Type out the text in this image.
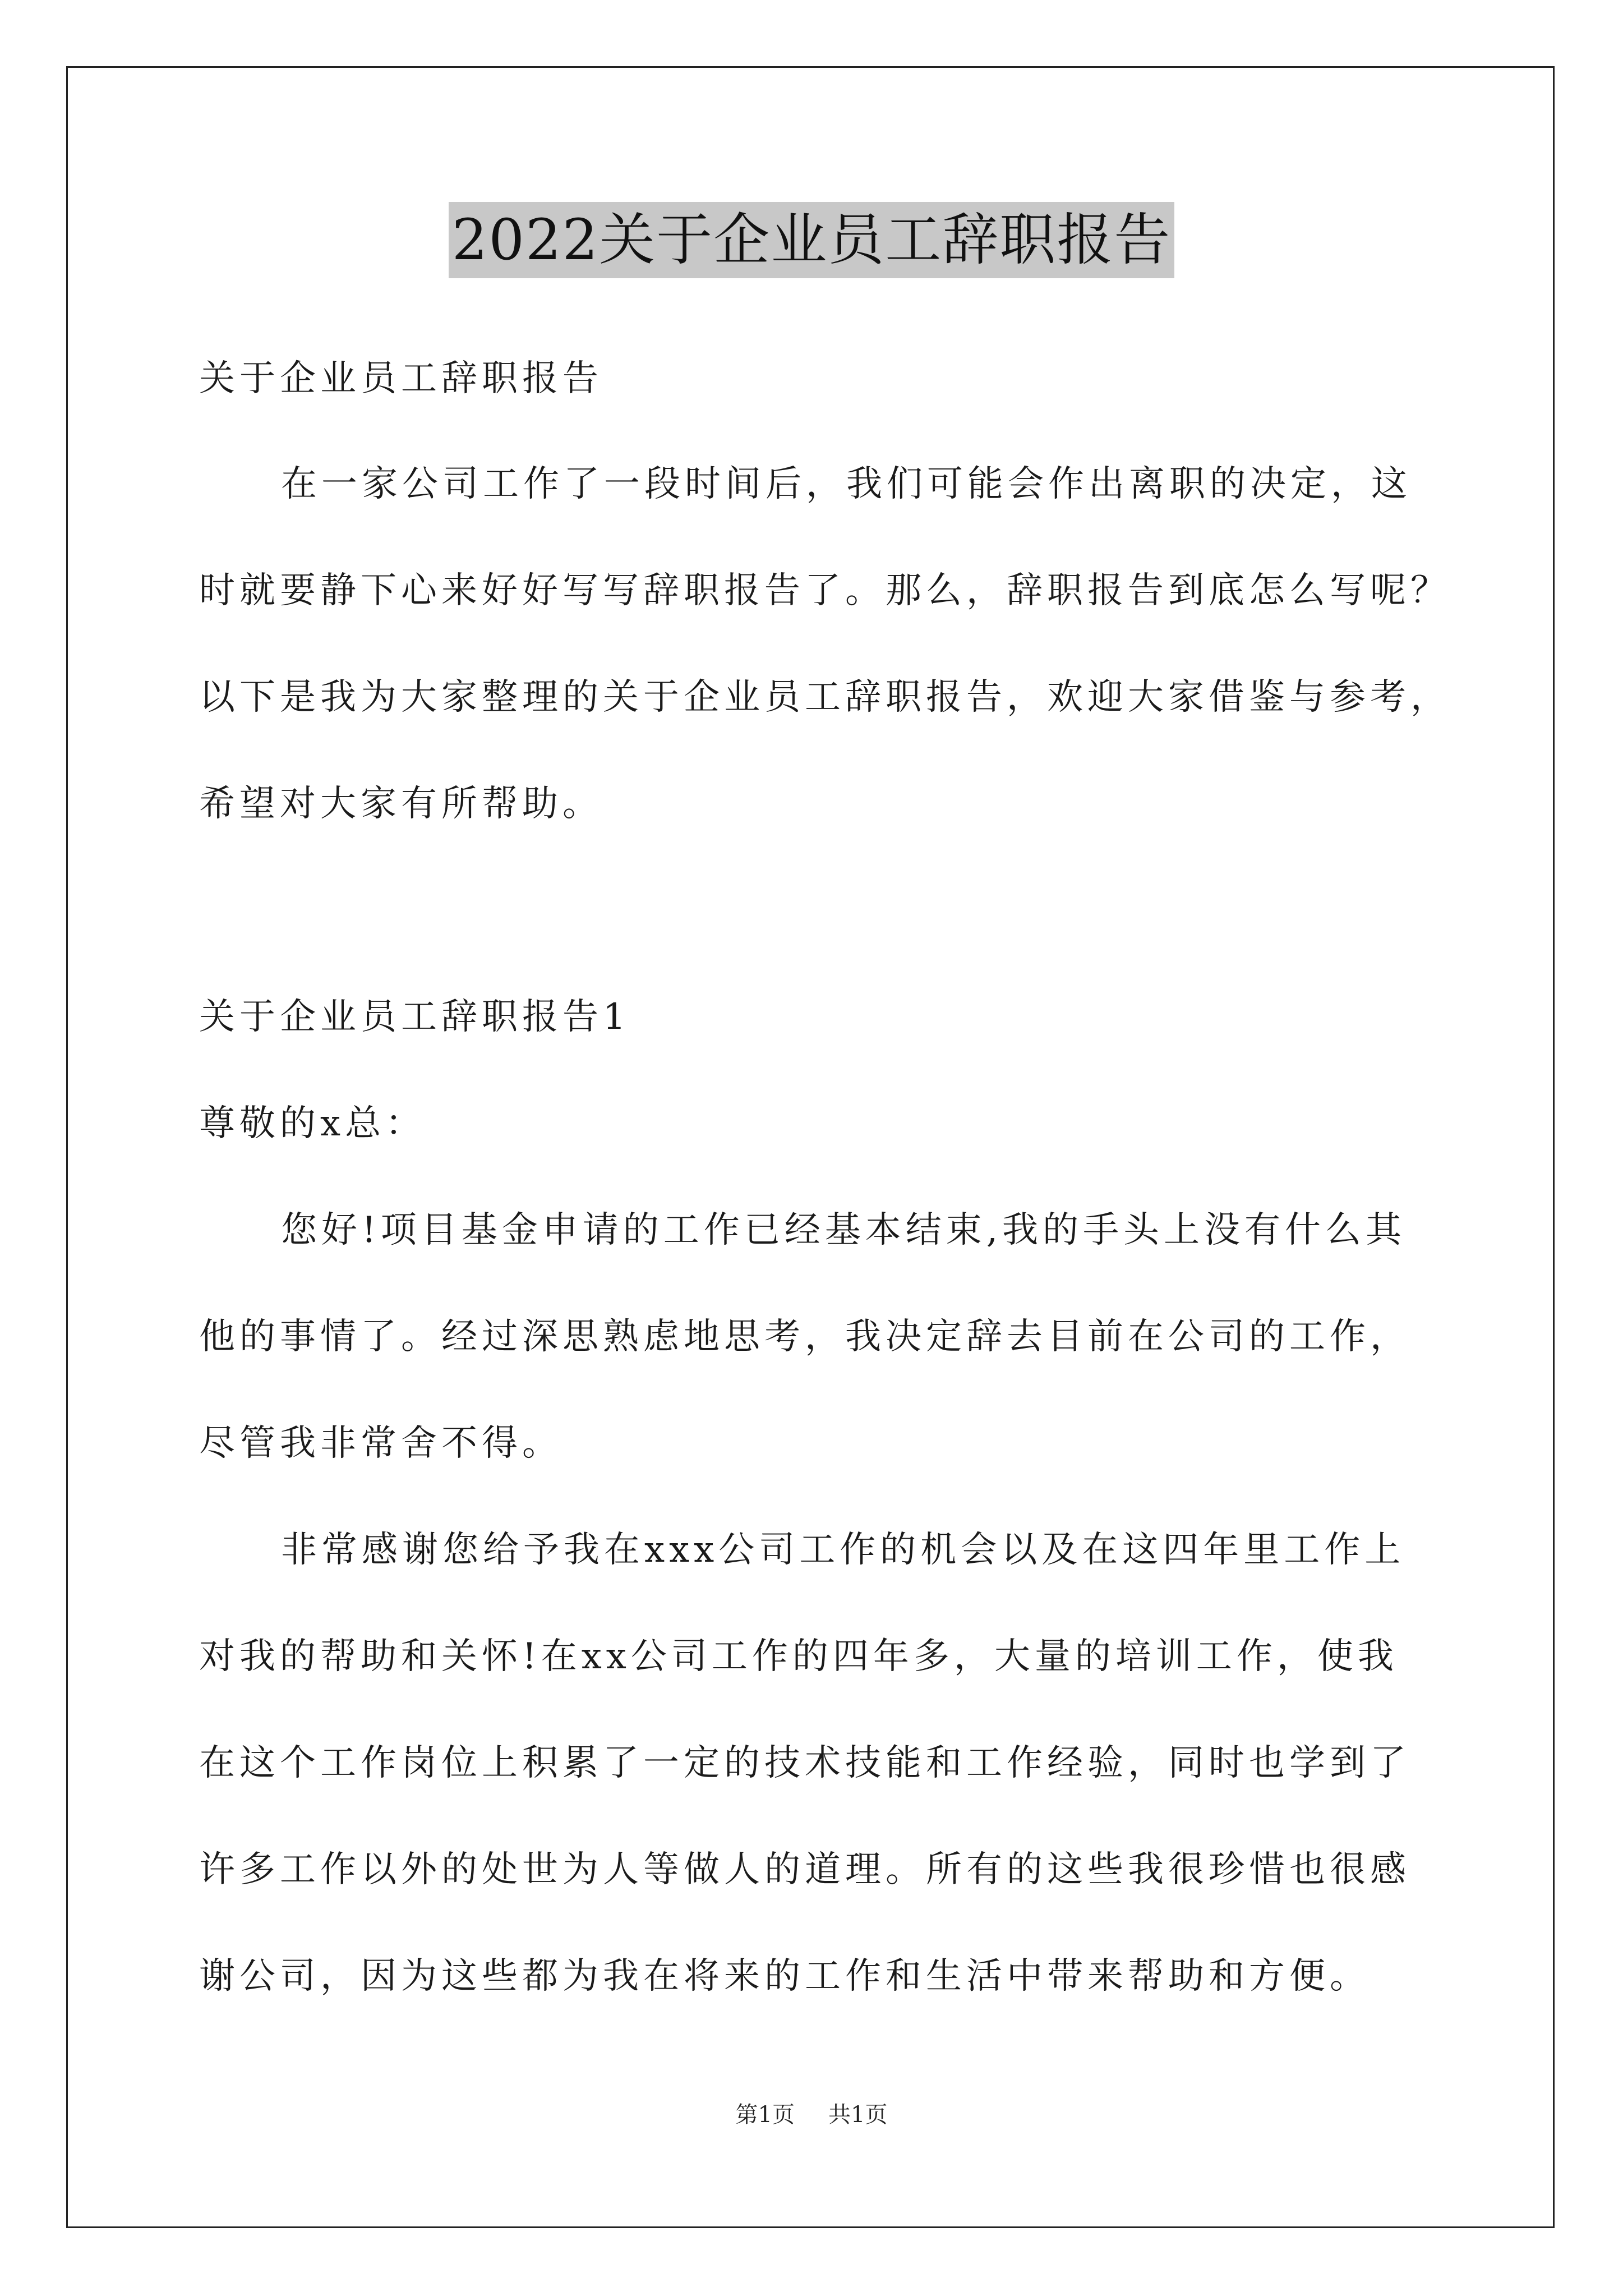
2022关于企业员工辞职报告
关于企业员工辞职报告
在一家公司工作了一段时间后，我们可能会作出离职的决定，这
时就要静下心来好好写写辞职报告了。那么，辞职报告到底怎么写呢？
以下是我为大家整理的关于企业员工辞职报告，欢迎大家借鉴与参考，
希望对大家有所帮助。
关于企业员工辞职报告1
尊敬的x总：
您好!项目基金申请的工作已经基本结束,我的手头上没有什么其
他的事情了。经过深思熟虑地思考，我决定辞去目前在公司的工作，
尽管我非常舍不得。
非常感谢您给予我在xxx公司工作的机会以及在这四年里工作上
对我的帮助和关怀!在xx公司工作的四年多，大量的培训工作，使我
在这个工作岗位上积累了一定的技术技能和工作经验，同时也学到了
许多工作以外的处世为人等做人的道理。所有的这些我很珍惜也很感
谢公司，因为这些都为我在将来的工作和生活中带来帮助和方便。
第1页 共1页
